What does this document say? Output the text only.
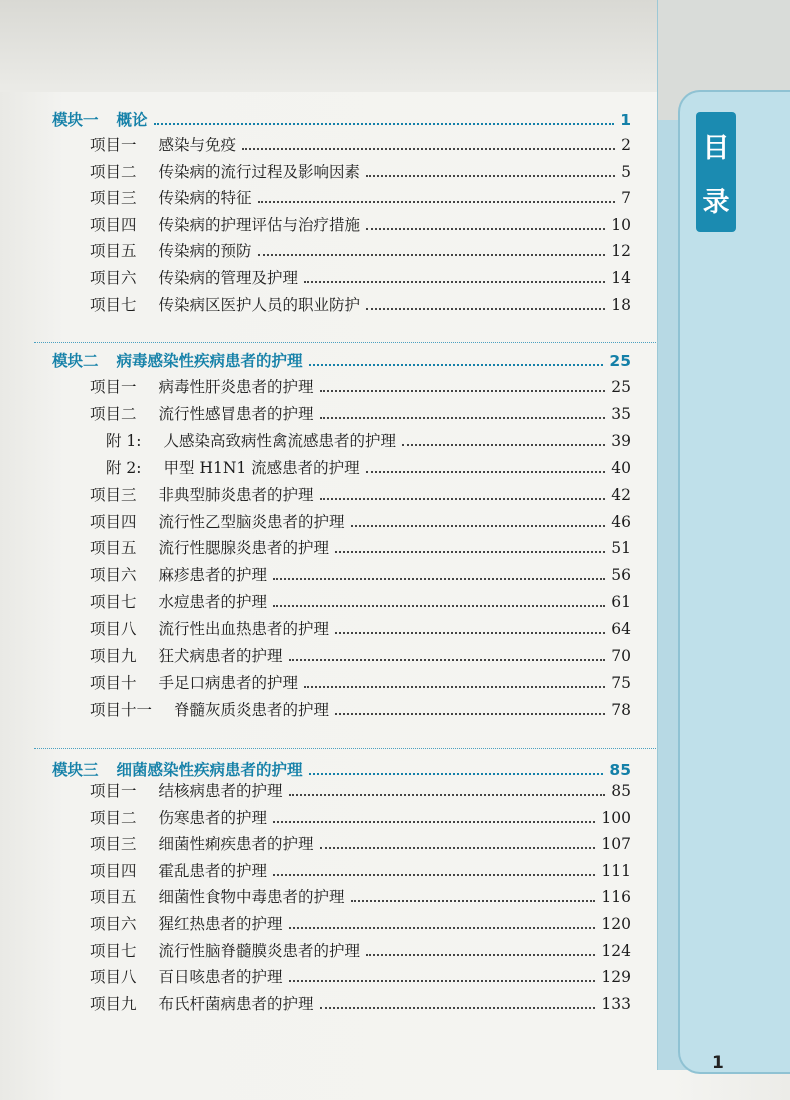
目
录
模块一 概论	1
项目一 感染与免疫	2
项目二 传染病的流行过程及影响因素	5
项目三 传染病的特征	7
项目四 传染病的护理评估与治疗措施	10
项目五 传染病的预防	12
项目六 传染病的管理及护理	14
项目七 传染病区医护人员的职业防护	18
模块二 病毒感染性疾病患者的护理	25
项目一 病毒性肝炎患者的护理	25
项目二 流行性感冒患者的护理	35
附 1: 人感染高致病性禽流感患者的护理	39
附 2: 甲型 H1N1 流感患者的护理	40
项目三 非典型肺炎患者的护理	42
项目四 流行性乙型脑炎患者的护理	46
项目五 流行性腮腺炎患者的护理	51
项目六 麻疹患者的护理	56
项目七 水痘患者的护理	61
项目八 流行性出血热患者的护理	64
项目九 狂犬病患者的护理	70
项目十 手足口病患者的护理	75
项目十一 脊髓灰质炎患者的护理	78
模块三 细菌感染性疾病患者的护理	85
项目一 结核病患者的护理	85
项目二 伤寒患者的护理	100
项目三 细菌性痢疾患者的护理	107
项目四 霍乱患者的护理	111
项目五 细菌性食物中毒患者的护理	116
项目六 猩红热患者的护理	120
项目七 流行性脑脊髓膜炎患者的护理	124
项目八 百日咳患者的护理	129
项目九 布氏杆菌病患者的护理	133
1
